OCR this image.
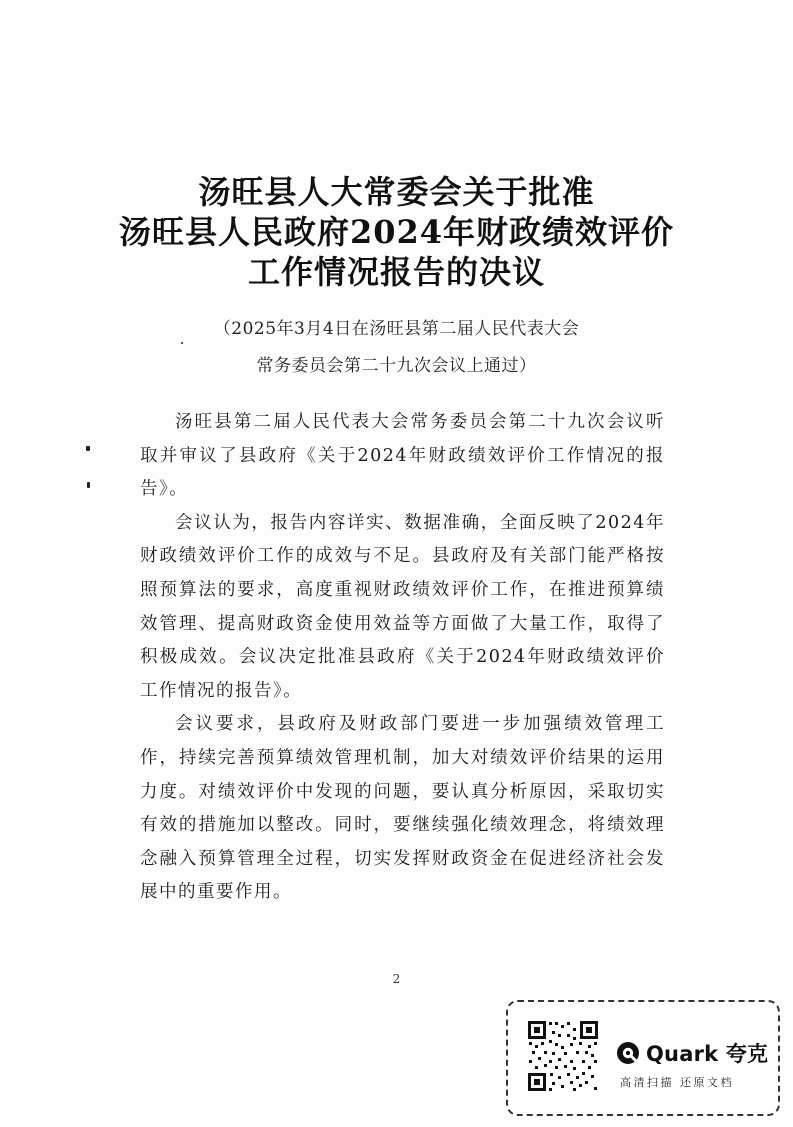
汤旺县人大常委会关于批准
汤旺县人民政府2024年财政绩效评价
工作情况报告的决议
（2025年3月4日在汤旺县第二届人民代表大会
常务委员会第二十九次会议上通过）

汤旺县第二届人民代表大会常务委员会第二十九次会议听取并审议了县政府《关于2024年财政绩效评价工作情况的报告》。

会议认为，报告内容详实、数据准确，全面反映了2024年财政绩效评价工作的成效与不足。县政府及有关部门能严格按照预算法的要求，高度重视财政绩效评价工作，在推进预算绩效管理、提高财政资金使用效益等方面做了大量工作，取得了积极成效。会议决定批准县政府《关于2024年财政绩效评价工作情况的报告》。

会议要求，县政府及财政部门要进一步加强绩效管理工作，持续完善预算绩效管理机制，加大对绩效评价结果的运用力度。对绩效评价中发现的问题，要认真分析原因，采取切实有效的措施加以整改。同时，要继续强化绩效理念，将绩效理念融入预算管理全过程，切实发挥财政资金在促进经济社会发展中的重要作用。

2
Quark 夸克
高清扫描 还原文档
